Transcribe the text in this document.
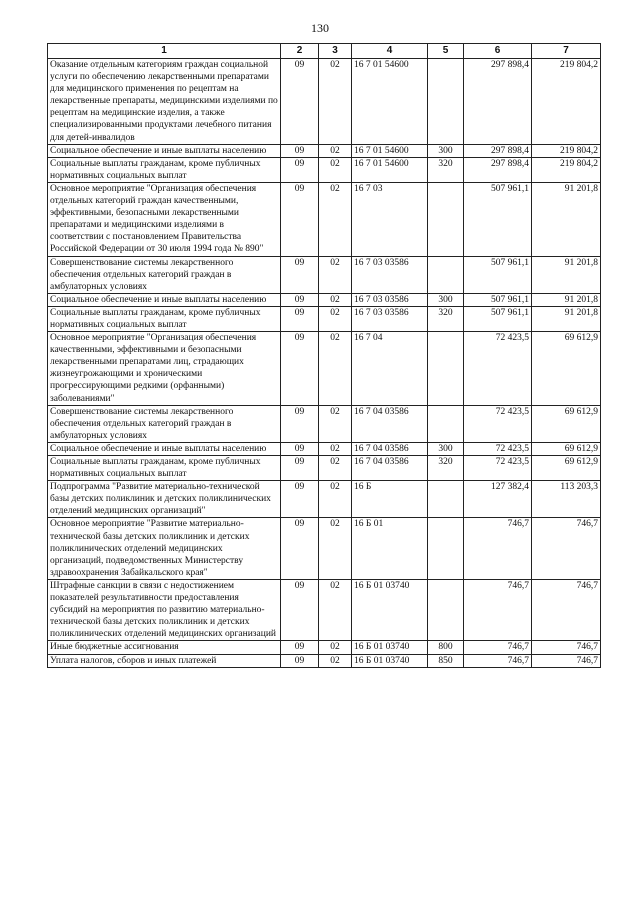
130
1	2	3	4	5	6	7
Оказание отдельным категориям граждан социальной услуги по обеспечению лекарственными препаратами для медицинского применения по рецептам на лекарственные препараты, медицинскими изделиями по рецептам на медицинские изделия, а также специализированными продуктами лечебного питания для детей-инвалидов	09	02	16 7 01 54600		297 898,4	219 804,2
Социальное обеспечение и иные выплаты населению	09	02	16 7 01 54600	300	297 898,4	219 804,2
Социальные выплаты гражданам, кроме публичных нормативных социальных выплат	09	02	16 7 01 54600	320	297 898,4	219 804,2
Основное мероприятие "Организация обеспечения отдельных категорий граждан качественными, эффективными, безопасными лекарственными препаратами и медицинскими изделиями в соответствии с постановлением Правительства Российской Федерации от 30 июля 1994 года № 890"	09	02	16 7 03		507 961,1	91 201,8
Совершенствование системы лекарственного обеспечения отдельных категорий граждан в амбулаторных условиях	09	02	16 7 03 03586		507 961,1	91 201,8
Социальное обеспечение и иные выплаты населению	09	02	16 7 03 03586	300	507 961,1	91 201,8
Социальные выплаты гражданам, кроме публичных нормативных социальных выплат	09	02	16 7 03 03586	320	507 961,1	91 201,8
Основное мероприятие "Организация обеспечения качественными, эффективными и безопасными лекарственными препаратами лиц, страдающих жизнеугрожающими и хроническими прогрессирующими редкими (орфанными) заболеваниями"	09	02	16 7 04		72 423,5	69 612,9
Совершенствование системы лекарственного обеспечения отдельных категорий граждан в амбулаторных условиях	09	02	16 7 04 03586		72 423,5	69 612,9
Социальное обеспечение и иные выплаты населению	09	02	16 7 04 03586	300	72 423,5	69 612,9
Социальные выплаты гражданам, кроме публичных нормативных социальных выплат	09	02	16 7 04 03586	320	72 423,5	69 612,9
Подпрограмма "Развитие материально-технической базы детских поликлиник и детских поликлинических отделений медицинских организаций"	09	02	16 Б		127 382,4	113 203,3
Основное мероприятие "Развитие материально-технической базы детских поликлиник и детских поликлинических отделений медицинских организаций, подведомственных Министерству здравоохранения Забайкальского края"	09	02	16 Б 01		746,7	746,7
Штрафные санкции в связи с недостижением показателей результативности предоставления субсидий на мероприятия по развитию материально-технической базы детских поликлиник и детских поликлинических отделений медицинских организаций	09	02	16 Б 01 03740		746,7	746,7
Иные бюджетные ассигнования	09	02	16 Б 01 03740	800	746,7	746,7
Уплата налогов, сборов и иных платежей	09	02	16 Б 01 03740	850	746,7	746,7
